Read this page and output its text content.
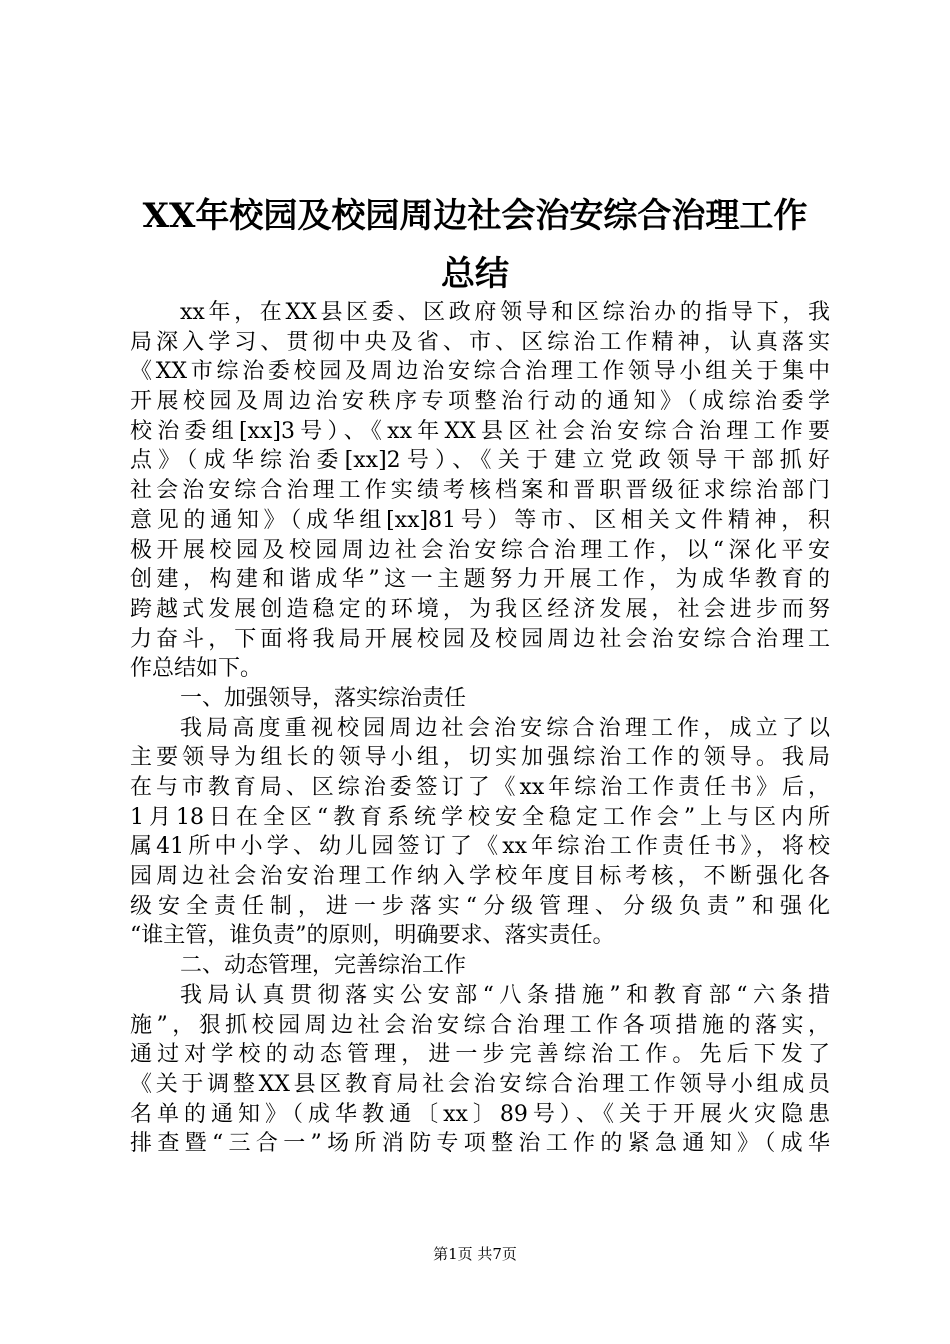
XX年校园及校园周边社会治安综合治理工作
总结
xx年，在XX县区委、区政府领导和区综治办的指导下，我
局深入学习、贯彻中央及省、市、区综治工作精神，认真落实
《XX市综治委校园及周边治安综合治理工作领导小组关于集中
开展校园及周边治安秩序专项整治行动的通知》（成综治委学
校治委组[xx]3号）、《xx年XX县区社会治安综合治理工作要
点》（成华综治委[xx]2号）、《关于建立党政领导干部抓好
社会治安综合治理工作实绩考核档案和晋职晋级征求综治部门
意见的通知》（成华组[xx]81号）等市、区相关文件精神，积
极开展校园及校园周边社会治安综合治理工作，以“深化平安
创建，构建和谐成华”这一主题努力开展工作，为成华教育的
跨越式发展创造稳定的环境，为我区经济发展，社会进步而努
力奋斗，下面将我局开展校园及校园周边社会治安综合治理工
作总结如下。
一、加强领导，落实综治责任
我局高度重视校园周边社会治安综合治理工作，成立了以
主要领导为组长的领导小组，切实加强综治工作的领导。我局
在与市教育局、区综治委签订了《xx年综治工作责任书》后，
1月18日在全区“教育系统学校安全稳定工作会”上与区内所
属41所中小学、幼儿园签订了《xx年综治工作责任书》，将校
园周边社会治安治理工作纳入学校年度目标考核，不断强化各
级安全责任制，进一步落实“分级管理、分级负责”和强化
“谁主管，谁负责”的原则，明确要求、落实责任。
二、动态管理，完善综治工作
我局认真贯彻落实公安部“八条措施”和教育部“六条措
施”，狠抓校园周边社会治安综合治理工作各项措施的落实，
通过对学校的动态管理，进一步完善综治工作。先后下发了
《关于调整XX县区教育局社会治安综合治理工作领导小组成员
名单的通知》（成华教通〔xx〕89号）、《关于开展火灾隐患
排查暨“三合一”场所消防专项整治工作的紧急通知》（成华
第1页 共7页
